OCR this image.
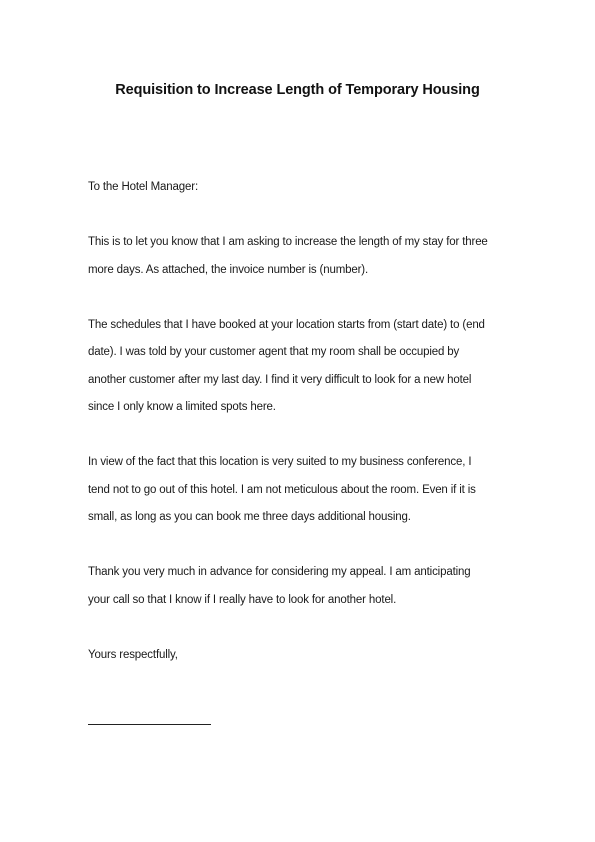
Requisition to Increase Length of Temporary Housing
To the Hotel Manager:
This is to let you know that I am asking to increase the length of my stay for three
more days. As attached, the invoice number is (number).
The schedules that I have booked at your location starts from (start date) to (end
date). I was told by your customer agent that my room shall be occupied by
another customer after my last day. I find it very difficult to look for a new hotel
since I only know a limited spots here.
In view of the fact that this location is very suited to my business conference, I
tend not to go out of this hotel. I am not meticulous about the room. Even if it is
small, as long as you can book me three days additional housing.
Thank you very much in advance for considering my appeal. I am anticipating
your call so that I know if I really have to look for another hotel.
Yours respectfully,
